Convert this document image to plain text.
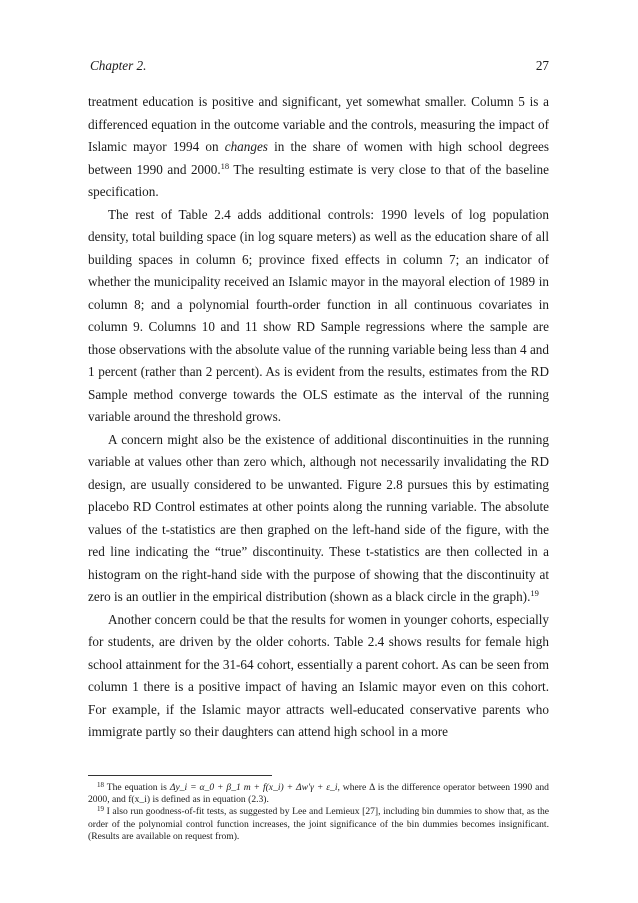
Chapter 2.	27

treatment education is positive and significant, yet somewhat smaller. Column 5 is a differenced equation in the outcome variable and the controls, measuring the impact of Islamic mayor 1994 on changes in the share of women with high school degrees between 1990 and 2000.18 The resulting estimate is very close to that of the baseline specification.

The rest of Table 2.4 adds additional controls: 1990 levels of log population density, total building space (in log square meters) as well as the education share of all building spaces in column 6; province fixed effects in column 7; an indicator of whether the municipality received an Islamic mayor in the mayoral election of 1989 in column 8; and a polynomial fourth-order function in all continuous covariates in column 9. Columns 10 and 11 show RD Sample regressions where the sample are those observations with the absolute value of the running variable being less than 4 and 1 percent (rather than 2 percent). As is evident from the results, estimates from the RD Sample method converge towards the OLS estimate as the interval of the running variable around the threshold grows.

A concern might also be the existence of additional discontinuities in the running variable at values other than zero which, although not necessarily invalidating the RD design, are usually considered to be unwanted. Figure 2.8 pursues this by estimating placebo RD Control estimates at other points along the running variable. The absolute values of the t-statistics are then graphed on the left-hand side of the figure, with the red line indicating the “true” discontinuity. These t-statistics are then collected in a histogram on the right-hand side with the purpose of showing that the discontinuity at zero is an outlier in the empirical distribution (shown as a black circle in the graph).$^{19}$

Another concern could be that the results for women in younger cohorts, especially for students, are driven by the older cohorts. Table 2.4 shows results for female high school attainment for the 31-64 cohort, essentially a parent cohort. As can be seen from column 1 there is a positive impact of having an Islamic mayor even on this cohort. For example, if the Islamic mayor attracts well-educated conservative parents who immigrate partly so their daughters can attend high school in a more

$^{18}$ The equation is Δy_i = α_0 + β_1 m + f(x_i) + Δw′γ + ε_i, where Δ is the difference operator between 1990 and 2000, and f(x_i) is defined as in equation (2.3).

$^{19}$ I also run goodness-of-fit tests, as suggested by Lee and Lemieux [27], including bin dummies to show that, as the order of the polynomial control function increases, the joint significance of the bin dummies becomes insignificant. (Results are available on request from).
